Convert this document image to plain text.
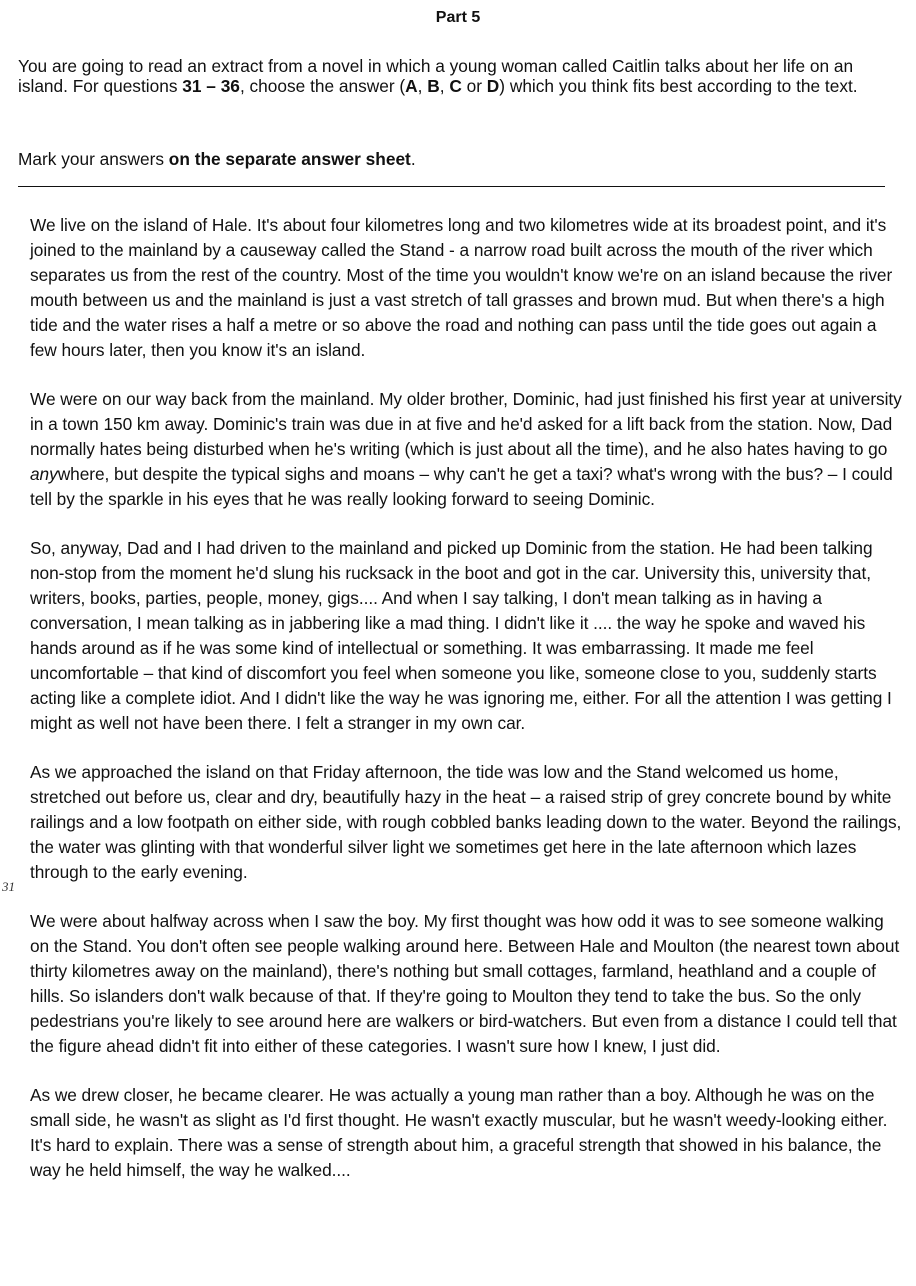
Part 5

You are going to read an extract from a novel in which a young woman called Caitlin talks about her life on an island. For questions 31 – 36, choose the answer (A, B, C or D) which you think fits best according to the text.

Mark your answers on the separate answer sheet.

We live on the island of Hale. It's about four kilometres long and two kilometres wide at its broadest point, and it's joined to the mainland by a causeway called the Stand - a narrow road built across the mouth of the river which separates us from the rest of the country. Most of the time you wouldn't know we're on an island because the river mouth between us and the mainland is just a vast stretch of tall grasses and brown mud. But when there's a high tide and the water rises a half a metre or so above the road and nothing can pass until the tide goes out again a few hours later, then you know it's an island.

We were on our way back from the mainland. My older brother, Dominic, had just finished his first year at university in a town 150 km away. Dominic's train was due in at five and he'd asked for a lift back from the station. Now, Dad normally hates being disturbed when he's writing (which is just about all the time), and he also hates having to go anywhere, but despite the typical sighs and moans – why can't he get a taxi? what's wrong with the bus? – I could tell by the sparkle in his eyes that he was really looking forward to seeing Dominic.

So, anyway, Dad and I had driven to the mainland and picked up Dominic from the station. He had been talking non-stop from the moment he'd slung his rucksack in the boot and got in the car. University this, university that, writers, books, parties, people, money, gigs.... And when I say talking, I don't mean talking as in having a conversation, I mean talking as in jabbering like a mad thing. I didn't like it .... the way he spoke and waved his hands around as if he was some kind of intellectual or something. It was embarrassing. It made me feel uncomfortable – that kind of discomfort you feel when someone you like, someone close to you, suddenly starts acting like a complete idiot. And I didn't like the way he was ignoring me, either. For all the attention I was getting I might as well not have been there. I felt a stranger in my own car.

As we approached the island on that Friday afternoon, the tide was low and the Stand welcomed us home, stretched out before us, clear and dry, beautifully hazy in the heat – a raised strip of grey concrete bound by white railings and a low footpath on either side, with rough cobbled banks leading down to the water. Beyond the railings, the water was glinting with that wonderful silver light we sometimes get here in the late afternoon which lazes through to the early evening.

We were about halfway across when I saw the boy. My first thought was how odd it was to see someone walking on the Stand. You don't often see people walking around here. Between Hale and Moulton (the nearest town about thirty kilometres away on the mainland), there's nothing but small cottages, farmland, heathland and a couple of hills. So islanders don't walk because of that. If they're going to Moulton they tend to take the bus. So the only pedestrians you're likely to see around here are walkers or bird-watchers. But even from a distance I could tell that the figure ahead didn't fit into either of these categories. I wasn't sure how I knew, I just did.

As we drew closer, he became clearer. He was actually a young man rather than a boy. Although he was on the small side, he wasn't as slight as I'd first thought. He wasn't exactly muscular, but he wasn't weedy-looking either. It's hard to explain. There was a sense of strength about him, a graceful strength that showed in his balance, the way he held himself, the way he walked....

31
